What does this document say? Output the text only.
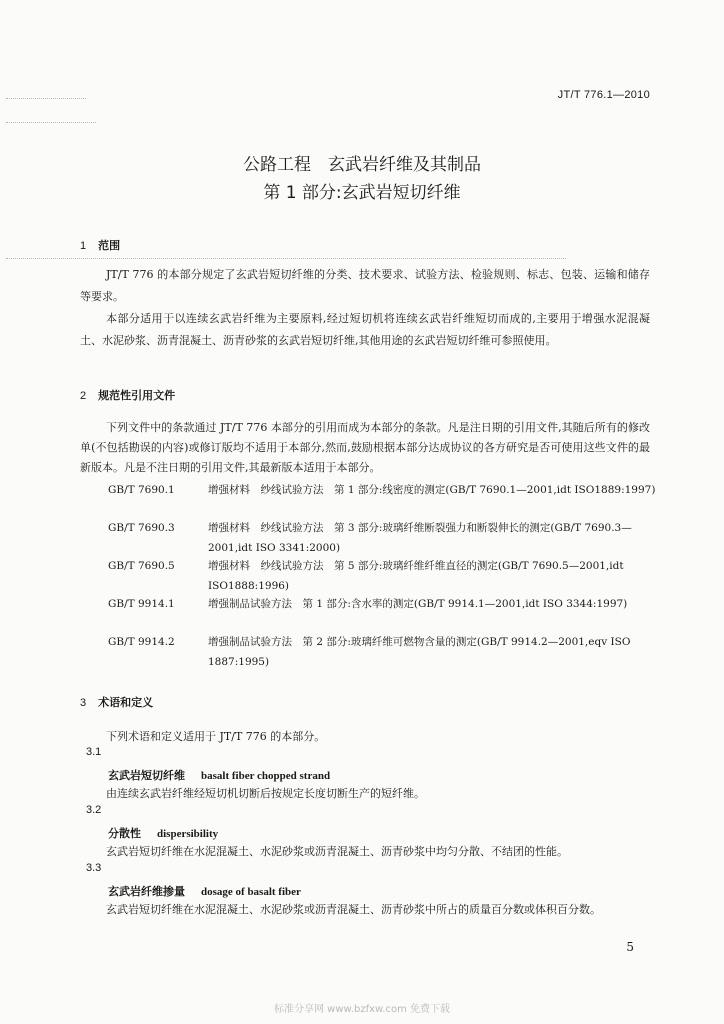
JT/T 776.1—2010
公路工程　玄武岩纤维及其制品
第 1 部分:玄武岩短切纤维
1 范围
JT/T 776 的本部分规定了玄武岩短切纤维的分类、技术要求、试验方法、检验规则、标志、包装、运输和储存等要求。
本部分适用于以连续玄武岩纤维为主要原料,经过短切机将连续玄武岩纤维短切而成的,主要用于增强水泥混凝土、水泥砂浆、沥青混凝土、沥青砂浆的玄武岩短切纤维,其他用途的玄武岩短切纤维可参照使用。
2 规范性引用文件
下列文件中的条款通过 JT/T 776 本部分的引用而成为本部分的条款。凡是注日期的引用文件,其随后所有的修改单(不包括勘误的内容)或修订版均不适用于本部分,然而,鼓励根据本部分达成协议的各方研究是否可使用这些文件的最新版本。凡是不注日期的引用文件,其最新版本适用于本部分。
GB/T 7690.1	增强材料　纱线试验方法　第 1 部分:线密度的测定(GB/T 7690.1—2001,idt ISO1889:1997)
GB/T 7690.3	增强材料　纱线试验方法　第 3 部分:玻璃纤维断裂强力和断裂伸长的测定(GB/T 7690.3—2001,idt ISO 3341:2000)
GB/T 7690.5	增强材料　纱线试验方法　第 5 部分:玻璃纤维纤维直径的测定(GB/T 7690.5—2001,idt ISO1888:1996)
GB/T 9914.1	增强制品试验方法　第 1 部分:含水率的测定(GB/T 9914.1—2001,idt ISO 3344:1997)
GB/T 9914.2	增强制品试验方法　第 2 部分:玻璃纤维可燃物含量的测定(GB/T 9914.2—2001,eqv ISO 1887:1995)
3 术语和定义
下列术语和定义适用于 JT/T 776 的本部分。
3.1
玄武岩短切纤维 basalt fiber chopped strand
由连续玄武岩纤维经短切机切断后按规定长度切断生产的短纤维。
3.2
分散性 dispersibility
玄武岩短切纤维在水泥混凝土、水泥砂浆或沥青混凝土、沥青砂浆中均匀分散、不结团的性能。
3.3
玄武岩纤维掺量 dosage of basalt fiber
玄武岩短切纤维在水泥混凝土、水泥砂浆或沥青混凝土、沥青砂浆中所占的质量百分数或体积百分数。
5
标准分享网 www.bzfxw.com 免费下载
